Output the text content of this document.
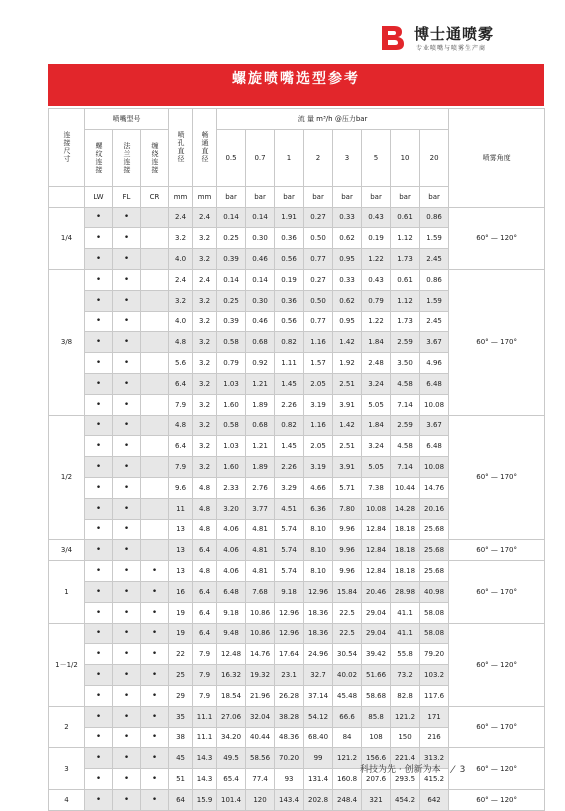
博士通喷雾
专业喷嘴与喷雾生产商
螺旋喷嘴选型参考
连接尺寸	喷嘴型号			喷孔直径	畅通直径	流 量 m³/h @压力bar								喷雾角度

	螺纹连接	法兰连接	缠绕连接			0.5	0.7	1	2	3	5	10	20	

	LW	FL	CR	mm	mm	bar	bar	bar	bar	bar	bar	bar	bar	
1/4	•	•		2.4	2.4	0.14	0.14	1.91	0.27	0.33	0.43	0.61	0.86	60° — 120°
	•	•		3.2	3.2	0.25	0.30	0.36	0.50	0.62	0.19	1.12	1.59	
	•	•		4.0	3.2	0.39	0.46	0.56	0.77	0.95	1.22	1.73	2.45	
3/8	•	•		2.4	2.4	0.14	0.14	0.19	0.27	0.33	0.43	0.61	0.86	60° — 170°
	•	•		3.2	3.2	0.25	0.30	0.36	0.50	0.62	0.79	1.12	1.59	
	•	•		4.0	3.2	0.39	0.46	0.56	0.77	0.95	1.22	1.73	2.45	
	•	•		4.8	3.2	0.58	0.68	0.82	1.16	1.42	1.84	2.59	3.67	
	•	•		5.6	3.2	0.79	0.92	1.11	1.57	1.92	2.48	3.50	4.96	
	•	•		6.4	3.2	1.03	1.21	1.45	2.05	2.51	3.24	4.58	6.48	
	•	•		7.9	3.2	1.60	1.89	2.26	3.19	3.91	5.05	7.14	10.08	
1/2	•	•		4.8	3.2	0.58	0.68	0.82	1.16	1.42	1.84	2.59	3.67	60° — 170°
	•	•		6.4	3.2	1.03	1.21	1.45	2.05	2.51	3.24	4.58	6.48	
	•	•		7.9	3.2	1.60	1.89	2.26	3.19	3.91	5.05	7.14	10.08	
	•	•		9.6	4.8	2.33	2.76	3.29	4.66	5.71	7.38	10.44	14.76	
	•	•		11	4.8	3.20	3.77	4.51	6.36	7.80	10.08	14.28	20.16	
	•	•		13	4.8	4.06	4.81	5.74	8.10	9.96	12.84	18.18	25.68	
3/4	•	•		13	6.4	4.06	4.81	5.74	8.10	9.96	12.84	18.18	25.68	60° — 170°
1	•	•	•	13	4.8	4.06	4.81	5.74	8.10	9.96	12.84	18.18	25.68	60° — 170°
	•	•	•	16	6.4	6.48	7.68	9.18	12.96	15.84	20.46	28.98	40.98	
	•	•	•	19	6.4	9.18	10.86	12.96	18.36	22.5	29.04	41.1	58.08	
1－1/2	•	•	•	19	6.4	9.48	10.86	12.96	18.36	22.5	29.04	41.1	58.08	60° — 120°
	•	•	•	22	7.9	12.48	14.76	17.64	24.96	30.54	39.42	55.8	79.20	
	•	•	•	25	7.9	16.32	19.32	23.1	32.7	40.02	51.66	73.2	103.2	
	•	•	•	29	7.9	18.54	21.96	26.28	37.14	45.48	58.68	82.8	117.6	
2	•	•	•	35	11.1	27.06	32.04	38.28	54.12	66.6	85.8	121.2	171	60° — 170°
	•	•	•	38	11.1	34.20	40.44	48.36	68.40	84	108	150	216	
3	•	•	•	45	14.3	49.5	58.56	70.20	99	121.2	156.6	221.4	313.2	60° — 120°
	•	•	•	51	14.3	65.4	77.4	93	131.4	160.8	207.6	293.5	415.2	
4	•	•	•	64	15.9	101.4	120	143.4	202.8	248.4	321	454.2	642	60° — 120°
科技为先 · 创新为本 / 3
